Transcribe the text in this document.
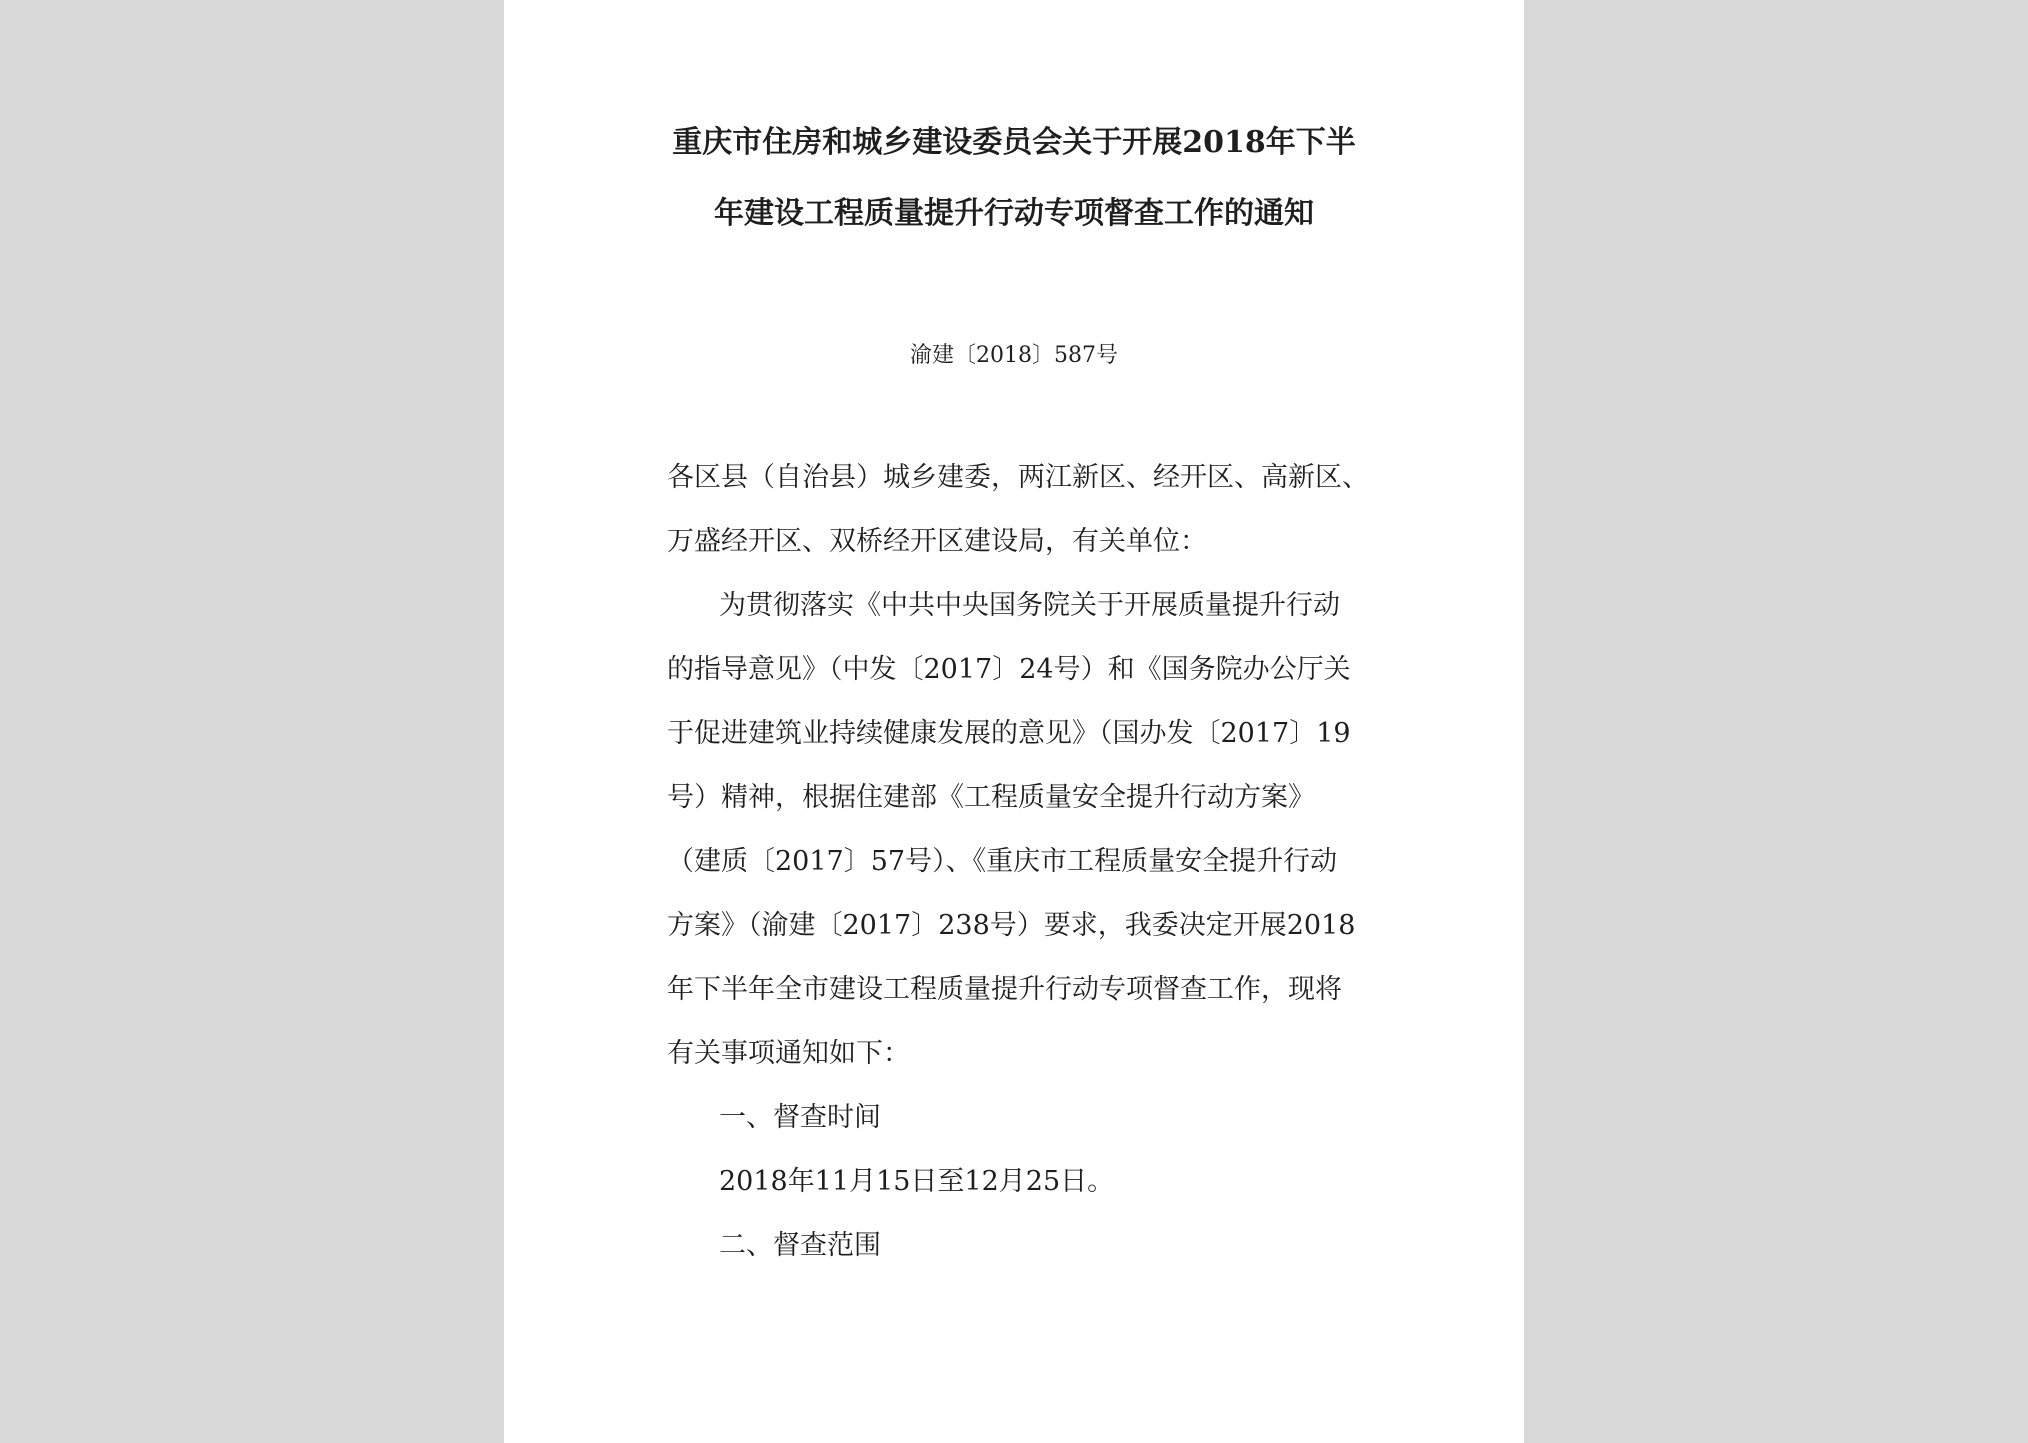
重庆市住房和城乡建设委员会关于开展2018年下半
年建设工程质量提升行动专项督查工作的通知
渝建〔2018〕587号
各区县（自治县）城乡建委，两江新区、经开区、高新区、
万盛经开区、双桥经开区建设局，有关单位：
为贯彻落实《中共中央国务院关于开展质量提升行动
的指导意见》（中发〔2017〕24号）和《国务院办公厅关
于促进建筑业持续健康发展的意见》（国办发〔2017〕19
号）精神，根据住建部《工程质量安全提升行动方案》
（建质〔2017〕57号）、《重庆市工程质量安全提升行动
方案》（渝建〔2017〕238号）要求，我委决定开展2018
年下半年全市建设工程质量提升行动专项督查工作，现将
有关事项通知如下：
一、督查时间
2018年11月15日至12月25日。
二、督查范围
